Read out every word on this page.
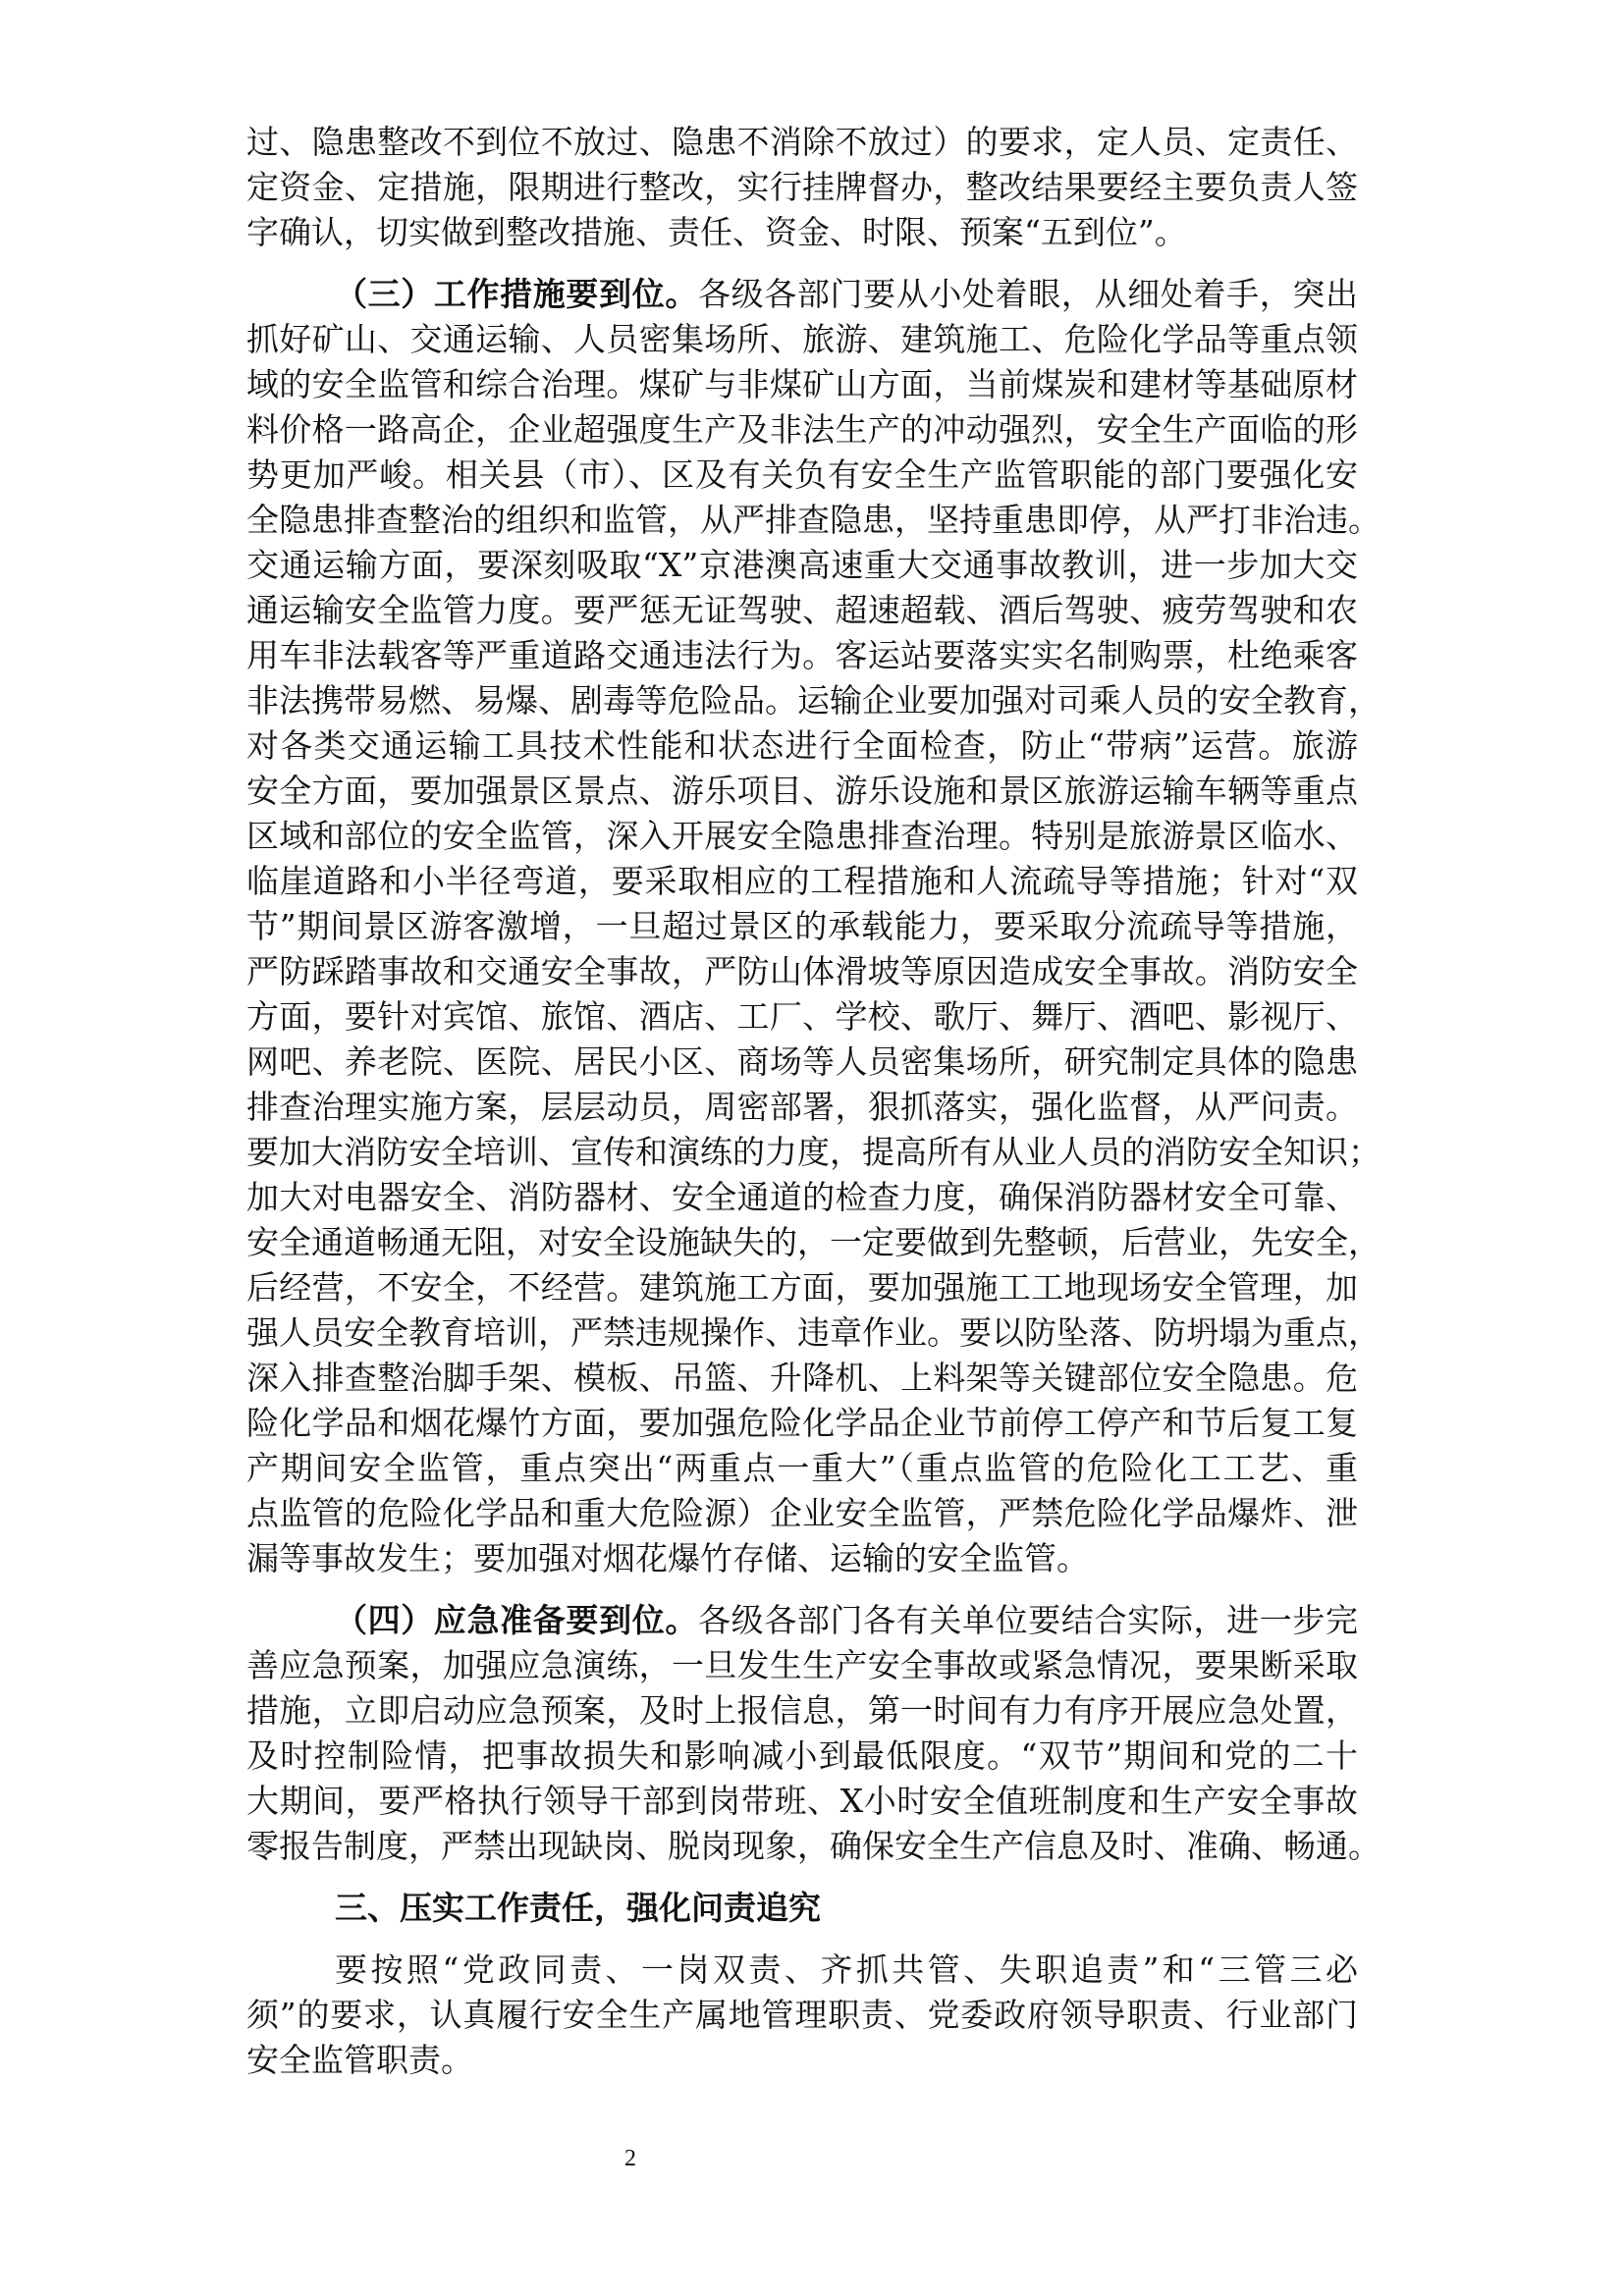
过、隐患整改不到位不放过、隐患不消除不放过）的要求，定人员、定责任、
定资金、定措施，限期进行整改，实行挂牌督办，整改结果要经主要负责人签
字确认，切实做到整改措施、责任、资金、时限、预案“五到位”。
（三）工作措施要到位。各级各部门要从小处着眼，从细处着手，突出
抓好矿山、交通运输、人员密集场所、旅游、建筑施工、危险化学品等重点领
域的安全监管和综合治理。煤矿与非煤矿山方面，当前煤炭和建材等基础原材
料价格一路高企，企业超强度生产及非法生产的冲动强烈，安全生产面临的形
势更加严峻。相关县（市）、区及有关负有安全生产监管职能的部门要强化安
全隐患排查整治的组织和监管，从严排查隐患，坚持重患即停，从严打非治违。
交通运输方面，要深刻吸取“X”京港澳高速重大交通事故教训，进一步加大交
通运输安全监管力度。要严惩无证驾驶、超速超载、酒后驾驶、疲劳驾驶和农
用车非法载客等严重道路交通违法行为。客运站要落实实名制购票，杜绝乘客
非法携带易燃、易爆、剧毒等危险品。运输企业要加强对司乘人员的安全教育，
对各类交通运输工具技术性能和状态进行全面检查，防止“带病”运营。旅游
安全方面，要加强景区景点、游乐项目、游乐设施和景区旅游运输车辆等重点
区域和部位的安全监管，深入开展安全隐患排查治理。特别是旅游景区临水、
临崖道路和小半径弯道，要采取相应的工程措施和人流疏导等措施；针对“双
节”期间景区游客激增，一旦超过景区的承载能力，要采取分流疏导等措施，
严防踩踏事故和交通安全事故，严防山体滑坡等原因造成安全事故。消防安全
方面，要针对宾馆、旅馆、酒店、工厂、学校、歌厅、舞厅、酒吧、影视厅、
网吧、养老院、医院、居民小区、商场等人员密集场所，研究制定具体的隐患
排查治理实施方案，层层动员，周密部署，狠抓落实，强化监督，从严问责。
要加大消防安全培训、宣传和演练的力度，提高所有从业人员的消防安全知识；
加大对电器安全、消防器材、安全通道的检查力度，确保消防器材安全可靠、
安全通道畅通无阻，对安全设施缺失的，一定要做到先整顿，后营业，先安全，
后经营，不安全，不经营。建筑施工方面，要加强施工工地现场安全管理，加
强人员安全教育培训，严禁违规操作、违章作业。要以防坠落、防坍塌为重点，
深入排查整治脚手架、模板、吊篮、升降机、上料架等关键部位安全隐患。危
险化学品和烟花爆竹方面，要加强危险化学品企业节前停工停产和节后复工复
产期间安全监管，重点突出“两重点一重大”（重点监管的危险化工工艺、重
点监管的危险化学品和重大危险源）企业安全监管，严禁危险化学品爆炸、泄
漏等事故发生；要加强对烟花爆竹存储、运输的安全监管。
（四）应急准备要到位。各级各部门各有关单位要结合实际，进一步完
善应急预案，加强应急演练，一旦发生生产安全事故或紧急情况，要果断采取
措施，立即启动应急预案，及时上报信息，第一时间有力有序开展应急处置，
及时控制险情，把事故损失和影响减小到最低限度。“双节”期间和党的二十
大期间，要严格执行领导干部到岗带班、X小时安全值班制度和生产安全事故
零报告制度，严禁出现缺岗、脱岗现象，确保安全生产信息及时、准确、畅通。
三、压实工作责任，强化问责追究
要按照“党政同责、一岗双责、齐抓共管、失职追责”和“三管三必
须”的要求，认真履行安全生产属地管理职责、党委政府领导职责、行业部门
安全监管职责。
2
